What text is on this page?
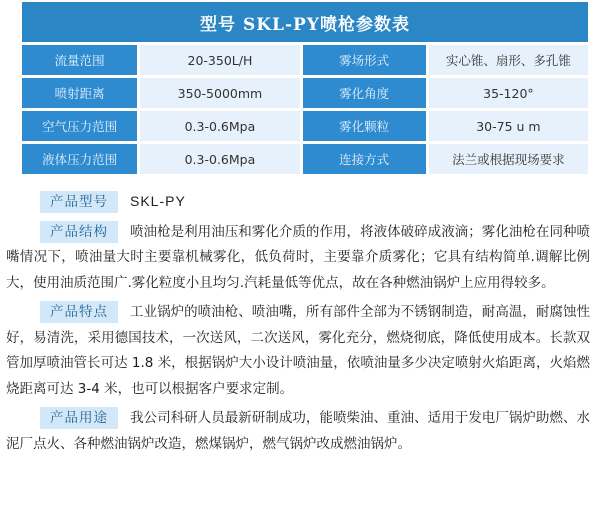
型号 SKL-PY喷枪参数表
流量范围	20-350L/H	雾场形式	实心锥、扇形、多孔锥
喷射距离	350-5000mm	雾化角度	35-120°
空气压力范围	0.3-0.6Mpa	雾化颗粒	30-75 u m
液体压力范围	0.3-0.6Mpa	连接方式	法兰或根据现场要求

产品型号 SKL-PY

产品结构 喷油枪是利用油压和雾化介质的作用，将液体破碎成液滴；雾化油枪在同种喷嘴情况下，喷油量大时主要靠机械雾化，低负荷时，主要靠介质雾化；它具有结构简单.调解比例大，使用油质范围广.雾化粒度小且均匀.汽耗量低等优点，故在各种燃油锅炉上应用得较多。

产品特点 工业锅炉的喷油枪、喷油嘴，所有部件全部为不锈钢制造，耐高温，耐腐蚀性好，易清洗，采用德国技术，一次送风，二次送风，雾化充分，燃烧彻底，降低使用成本。长款双管加厚喷油管长可达 1.8 米，根据锅炉大小设计喷油量，依喷油量多少决定喷射火焰距离，火焰燃烧距离可达 3-4 米，也可以根据客户要求定制。

产品用途 我公司科研人员最新研制成功，能喷柴油、重油、适用于发电厂锅炉助燃、水泥厂点火、各种燃油锅炉改造，燃煤锅炉，燃气锅炉改成燃油锅炉。
